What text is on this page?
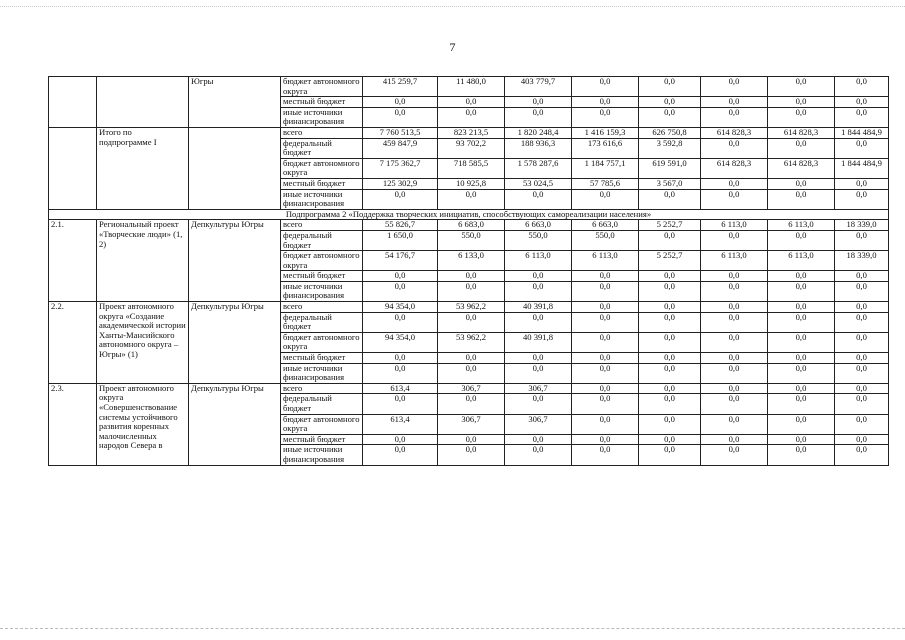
7
		Югры	бюджет автономного округа	415 259,7	11 480,0	403 779,7	0,0	0,0	0,0	0,0	0,0
			местный бюджет	0,0	0,0	0,0	0,0	0,0	0,0	0,0	0,0
			иные источники финансирования	0,0	0,0	0,0	0,0	0,0	0,0	0,0	0,0
	Итого по подпрограмме I		всего	7 760 513,5	823 213,5	1 820 248,4	1 416 159,3	626 750,8	614 828,3	614 828,3	1 844 484,9
			федеральный бюджет	459 847,9	93 702,2	188 936,3	173 616,6	3 592,8	0,0	0,0	0,0
			бюджет автономного округа	7 175 362,7	718 585,5	1 578 287,6	1 184 757,1	619 591,0	614 828,3	614 828,3	1 844 484,9
			местный бюджет	125 302,9	10 925,8	53 024,5	57 785,6	3 567,0	0,0	0,0	0,0
			иные источники финансирования	0,0	0,0	0,0	0,0	0,0	0,0	0,0	0,0
Подпрограмма 2 «Поддержка творческих инициатив, способствующих самореализации населения»											
2.1.	Региональный проект «Творческие люди» (1, 2)	Депкультуры Югры	всего	55 826,7	6 683,0	6 663,0	6 663,0	5 252,7	6 113,0	6 113,0	18 339,0
			федеральный бюджет	1 650,0	550,0	550,0	550,0	0,0	0,0	0,0	0,0
			бюджет автономного округа	54 176,7	6 133,0	6 113,0	6 113,0	5 252,7	6 113,0	6 113,0	18 339,0
			местный бюджет	0,0	0,0	0,0	0,0	0,0	0,0	0,0	0,0
			иные источники финансирования	0,0	0,0	0,0	0,0	0,0	0,0	0,0	0,0
2.2.	Проект автономного округа «Создание академической истории Ханты-Мансийского автономного округа – Югры» (1)	Депкультуры Югры	всего	94 354,0	53 962,2	40 391,8	0,0	0,0	0,0	0,0	0,0
			федеральный бюджет	0,0	0,0	0,0	0,0	0,0	0,0	0,0	0,0
			бюджет автономного округа	94 354,0	53 962,2	40 391,8	0,0	0,0	0,0	0,0	0,0
			местный бюджет	0,0	0,0	0,0	0,0	0,0	0,0	0,0	0,0
			иные источники финансирования	0,0	0,0	0,0	0,0	0,0	0,0	0,0	0,0
2.3.	Проект автономного округа «Совершенствование системы устойчивого развития коренных малочисленных народов Севера в	Депкультуры Югры	всего	613,4	306,7	306,7	0,0	0,0	0,0	0,0	0,0
			федеральный бюджет	0,0	0,0	0,0	0,0	0,0	0,0	0,0	0,0
			бюджет автономного округа	613,4	306,7	306,7	0,0	0,0	0,0	0,0	0,0
			местный бюджет	0,0	0,0	0,0	0,0	0,0	0,0	0,0	0,0
			иные источники финансирования	0,0	0,0	0,0	0,0	0,0	0,0	0,0	0,0
